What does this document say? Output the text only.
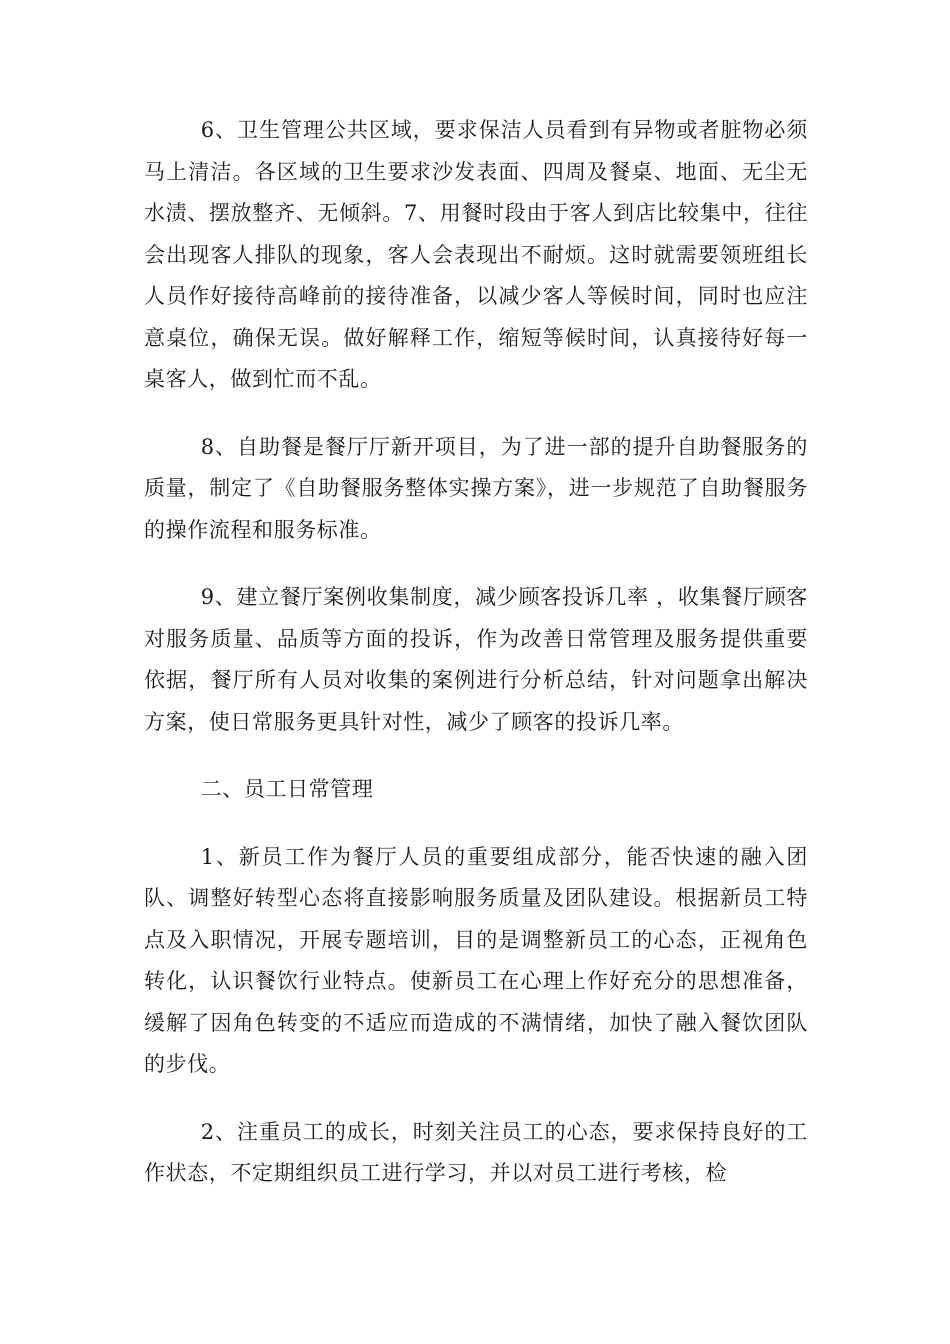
6、卫生管理公共区域，要求保洁人员看到有异物或者脏物必须马上清洁。各区域的卫生要求沙发表面、四周及餐桌、地面、无尘无水渍、摆放整齐、无倾斜。7、用餐时段由于客人到店比较集中，往往会出现客人排队的现象，客人会表现出不耐烦。这时就需要领班组长人员作好接待高峰前的接待准备，以减少客人等候时间，同时也应注意桌位，确保无误。做好解释工作，缩短等候时间，认真接待好每一桌客人，做到忙而不乱。

8、自助餐是餐厅厅新开项目，为了进一部的提升自助餐服务的质量，制定了《自助餐服务整体实操方案》，进一步规范了自助餐服务的操作流程和服务标准。

9、建立餐厅案例收集制度，减少顾客投诉几率 ，收集餐厅顾客对服务质量、品质等方面的投诉，作为改善日常管理及服务提供重要依据，餐厅所有人员对收集的案例进行分析总结，针对问题拿出解决方案，使日常服务更具针对性，减少了顾客的投诉几率。

二、员工日常管理

1、新员工作为餐厅人员的重要组成部分，能否快速的融入团队、调整好转型心态将直接影响服务质量及团队建设。根据新员工特点及入职情况，开展专题培训，目的是调整新员工的心态，正视角色转化，认识餐饮行业特点。使新员工在心理上作好充分的思想准备，缓解了因角色转变的不适应而造成的不满情绪，加快了融入餐饮团队的步伐。

2、注重员工的成长，时刻关注员工的心态，要求保持良好的工作状态，不定期组织员工进行学习，并以对员工进行考核，检
